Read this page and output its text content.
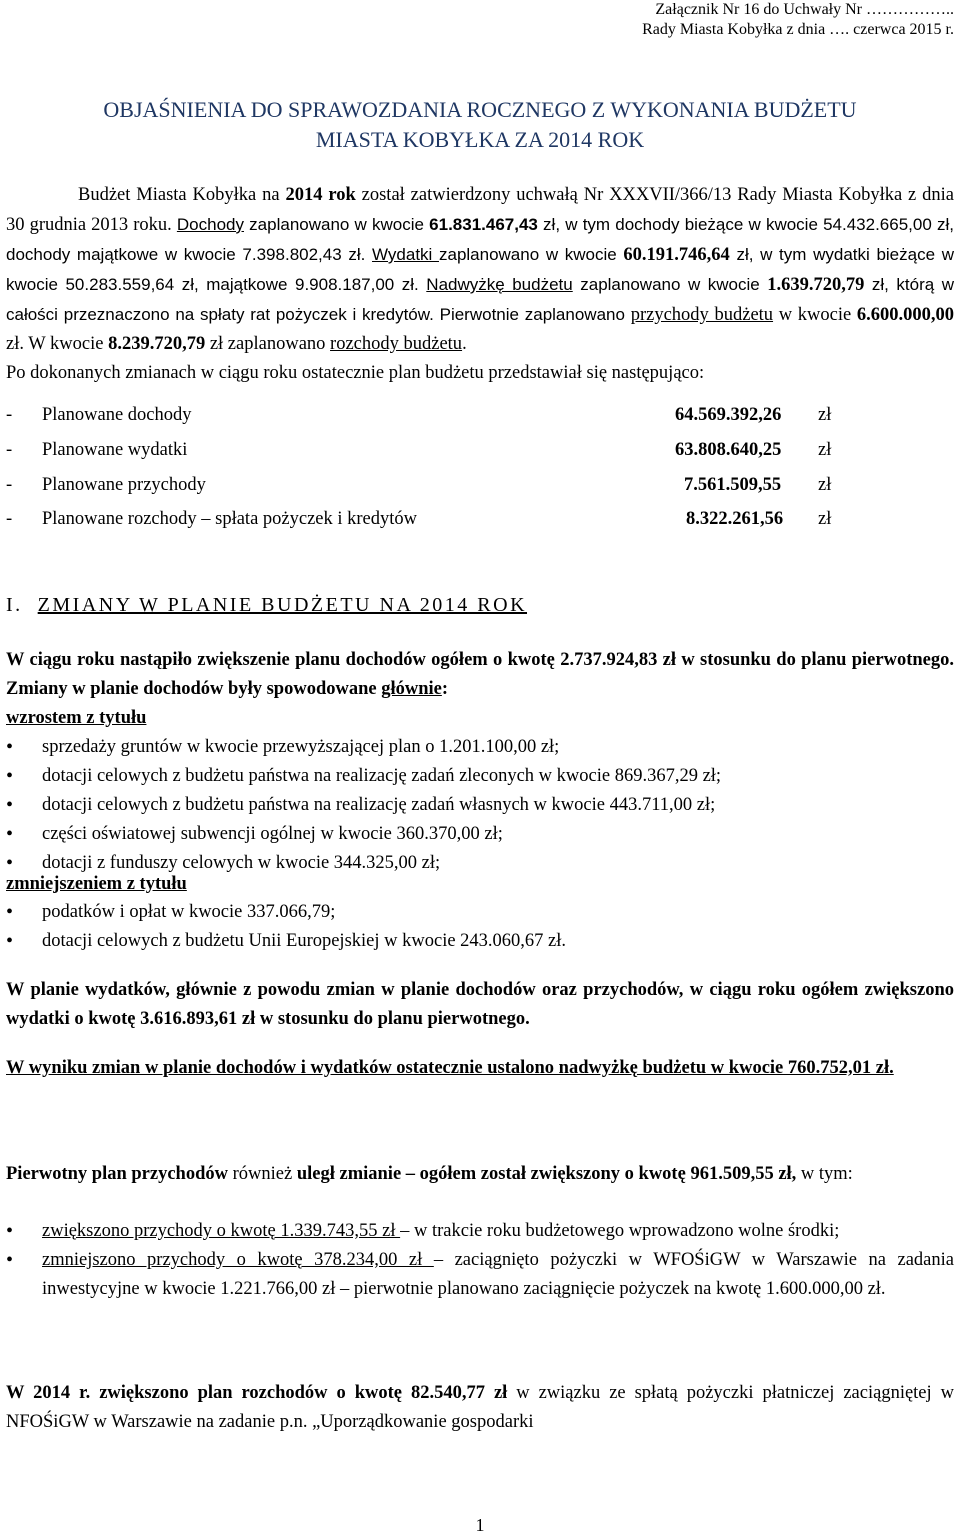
Załącznik Nr 16 do Uchwały Nr ……………..
Rady Miasta Kobyłka z dnia …. czerwca 2015 r.
OBJAŚNIENIA DO SPRAWOZDANIA ROCZNEGO Z WYKONANIA BUDŻETU
MIASTA KOBYŁKA ZA 2014 ROK
Budżet Miasta Kobyłka na 2014 rok został zatwierdzony uchwałą Nr XXXVII/366/13 Rady Miasta Kobyłka z dnia 30 grudnia 2013 roku. Dochody zaplanowano w kwocie 61.831.467,43 zł, w tym dochody bieżące w kwocie 54.432.665,00 zł, dochody majątkowe w kwocie 7.398.802,43 zł. Wydatki zaplanowano w kwocie 60.191.746,64 zł, w tym wydatki bieżące w kwocie 50.283.559,64 zł, majątkowe 9.908.187,00 zł. Nadwyżkę budżetu zaplanowano w kwocie 1.639.720,79 zł, którą w całości przeznaczono na spłaty rat pożyczek i kredytów. Pierwotnie zaplanowano przychody budżetu w kwocie 6.600.000,00 zł. W kwocie 8.239.720,79 zł zaplanowano rozchody budżetu.
Po dokonanych zmianach w ciągu roku ostatecznie plan budżetu przedstawiał się następująco:
- Planowane dochody	64.569.392,26 zł
- Planowane wydatki	63.808.640,25 zł
- Planowane przychody	7.561.509,55 zł
- Planowane rozchody – spłata pożyczek i kredytów	8.322.261,56 zł
I. ZMIANY W PLANIE BUDŻETU NA 2014 ROK
W ciągu roku nastąpiło zwiększenie planu dochodów ogółem o kwotę 2.737.924,83 zł w stosunku do planu pierwotnego. Zmiany w planie dochodów były spowodowane głównie:
wzrostem z tytułu
• sprzedaży gruntów w kwocie przewyższającej plan o 1.201.100,00 zł;
• dotacji celowych z budżetu państwa na realizację zadań zleconych w kwocie 869.367,29 zł;
• dotacji celowych z budżetu państwa na realizację zadań własnych w kwocie 443.711,00 zł;
• części oświatowej subwencji ogólnej w kwocie 360.370,00 zł;
• dotacji z funduszy celowych w kwocie 344.325,00 zł;
zmniejszeniem z tytułu
• podatków i opłat w kwocie 337.066,79;
• dotacji celowych z budżetu Unii Europejskiej w kwocie 243.060,67 zł.
W planie wydatków, głównie z powodu zmian w planie dochodów oraz przychodów, w ciągu roku ogółem zwiększono wydatki o kwotę 3.616.893,61 zł w stosunku do planu pierwotnego.
W wyniku zmian w planie dochodów i wydatków ostatecznie ustalono nadwyżkę budżetu w kwocie 760.752,01 zł.
Pierwotny plan przychodów również uległ zmianie – ogółem został zwiększony o kwotę 961.509,55 zł, w tym:
• zwiększono przychody o kwotę 1.339.743,55 zł – w trakcie roku budżetowego wprowadzono wolne środki;
• zmniejszono przychody o kwotę 378.234,00 zł – zaciągnięto pożyczki w WFOŚiGW w Warszawie na zadania inwestycyjne w kwocie 1.221.766,00 zł – pierwotnie planowano zaciągnięcie pożyczek na kwotę 1.600.000,00 zł.
W 2014 r. zwiększono plan rozchodów o kwotę 82.540,77 zł w związku ze spłatą pożyczki płatniczej zaciągniętej w NFOŚiGW w Warszawie na zadanie p.n. „Uporządkowanie gospodarki
1
